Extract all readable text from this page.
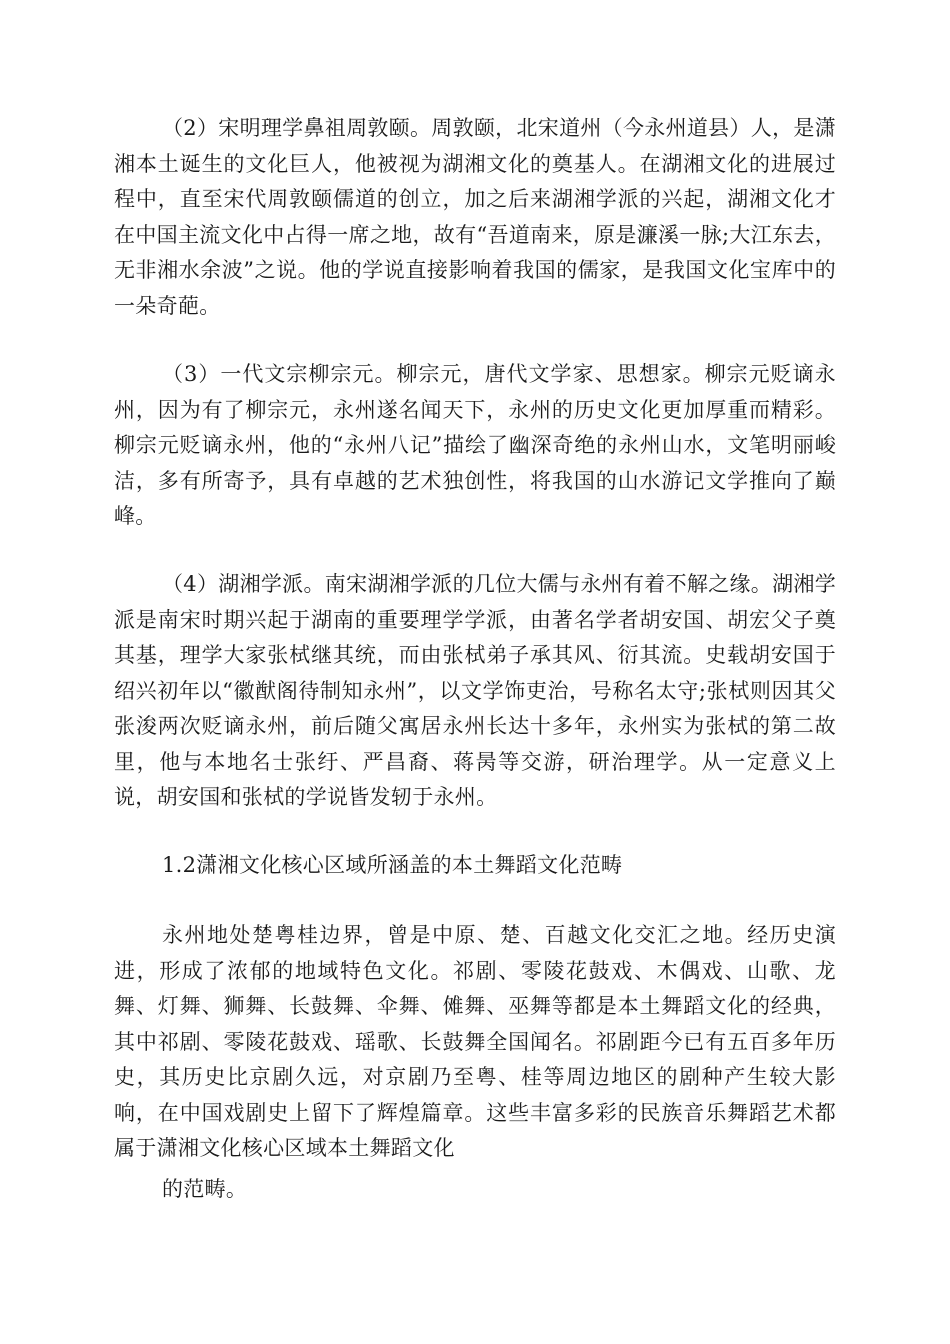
（2）宋明理学鼻祖周敦颐。周敦颐，北宋道州（今永州道县）人，是潇湘本土诞生的文化巨人，他被视为湖湘文化的奠基人。在湖湘文化的进展过程中，直至宋代周敦颐儒道的创立，加之后来湖湘学派的兴起，湖湘文化才在中国主流文化中占得一席之地，故有“吾道南来，原是濂溪一脉;大江东去，无非湘水余波”之说。他的学说直接影响着我国的儒家，是我国文化宝库中的一朵奇葩。

（3）一代文宗柳宗元。柳宗元，唐代文学家、思想家。柳宗元贬谪永州，因为有了柳宗元，永州遂名闻天下，永州的历史文化更加厚重而精彩。柳宗元贬谪永州，他的“永州八记”描绘了幽深奇绝的永州山水，文笔明丽峻洁，多有所寄予，具有卓越的艺术独创性，将我国的山水游记文学推向了巅峰。

（4）湖湘学派。南宋湖湘学派的几位大儒与永州有着不解之缘。湖湘学派是南宋时期兴起于湖南的重要理学学派，由著名学者胡安国、胡宏父子奠其基，理学大家张栻继其统，而由张栻弟子承其风、衍其流。史载胡安国于绍兴初年以“徽猷阁待制知永州”，以文学饰吏治，号称名太守;张栻则因其父张浚两次贬谪永州，前后随父寓居永州长达十多年，永州实为张栻的第二故里，他与本地名士张纡、严昌裔、蒋昺等交游，研治理学。从一定意义上说，胡安国和张栻的学说皆发轫于永州。

1.2潇湘文化核心区域所涵盖的本土舞蹈文化范畴

永州地处楚粤桂边界，曾是中原、楚、百越文化交汇之地。经历史演进，形成了浓郁的地域特色文化。祁剧、零陵花鼓戏、木偶戏、山歌、龙舞、灯舞、狮舞、长鼓舞、伞舞、傩舞、巫舞等都是本土舞蹈文化的经典，其中祁剧、零陵花鼓戏、瑶歌、长鼓舞全国闻名。祁剧距今已有五百多年历史，其历史比京剧久远，对京剧乃至粤、桂等周边地区的剧种产生较大影响，在中国戏剧史上留下了辉煌篇章。这些丰富多彩的民族音乐舞蹈艺术都属于潇湘文化核心区域本土舞蹈文化

的范畴。
